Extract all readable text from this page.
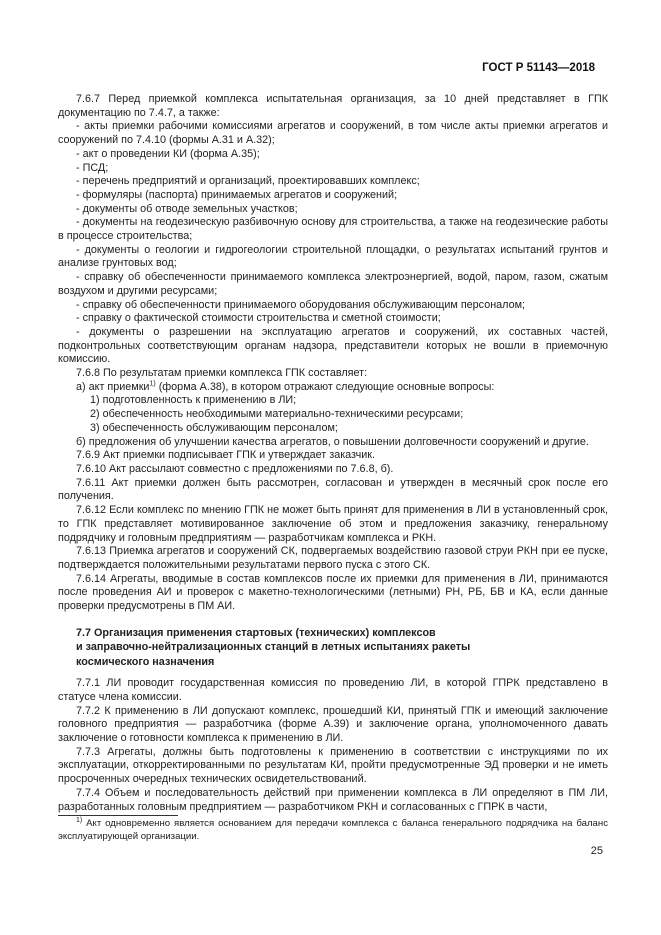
ГОСТ Р 51143—2018

7.6.7 Перед приемкой комплекса испытательная организация, за 10 дней представляет в ГПК документацию по 7.4.7, а также:

- акты приемки рабочими комиссиями агрегатов и сооружений, в том числе акты приемки агрегатов и сооружений по 7.4.10 (формы А.31 и А.32);

- акт о проведении КИ (форма А.35);

- ПСД;

- перечень предприятий и организаций, проектировавших комплекс;

- формуляры (паспорта) принимаемых агрегатов и сооружений;

- документы об отводе земельных участков;

- документы на геодезическую разбивочную основу для строительства, а также на геодезические работы в процессе строительства;

- документы о геологии и гидрогеологии строительной площадки, о результатах испытаний грунтов и анализе грунтовых вод;

- справку об обеспеченности принимаемого комплекса электроэнергией, водой, паром, газом, сжатым воздухом и другими ресурсами;

- справку об обеспеченности принимаемого оборудования обслуживающим персоналом;

- справку о фактической стоимости строительства и сметной стоимости;

- документы о разрешении на эксплуатацию агрегатов и сооружений, их составных частей, подконтрольных соответствующим органам надзора, представители которых не вошли в приемочную комиссию.

7.6.8 По результатам приемки комплекса ГПК составляет:

а) акт приемки$^{1)}$ (форма А.38), в котором отражают следующие основные вопросы:

1) подготовленность к применению в ЛИ;

2) обеспеченность необходимыми материально-техническими ресурсами;

3) обеспеченность обслуживающим персоналом;

б) предложения об улучшении качества агрегатов, о повышении долговечности сооружений и другие.

7.6.9 Акт приемки подписывает ГПК и утверждает заказчик.

7.6.10 Акт рассылают совместно с предложениями по 7.6.8, б).

7.6.11 Акт приемки должен быть рассмотрен, согласован и утвержден в месячный срок после его получения.

7.6.12 Если комплекс по мнению ГПК не может быть принят для применения в ЛИ в установленный срок, то ГПК представляет мотивированное заключение об этом и предложения заказчику, генеральному подрядчику и головным предприятиям — разработчикам комплекса и РКН.

7.6.13 Приемка агрегатов и сооружений СК, подвергаемых воздействию газовой струи РКН при ее пуске, подтверждается положительными результатами первого пуска с этого СК.

7.6.14 Агрегаты, вводимые в состав комплексов после их приемки для применения в ЛИ, принимаются после проведения АИ и проверок с макетно-технологическими (летными) РН, РБ, БВ и КА, если данные проверки предусмотрены в ПМ АИ.

7.7 Организация применения стартовых (технических) комплексов
и заправочно-нейтрализационных станций в летных испытаниях ракеты
космического назначения

7.7.1 ЛИ проводит государственная комиссия по проведению ЛИ, в которой ГПРК представлено в статусе члена комиссии.

7.7.2 К применению в ЛИ допускают комплекс, прошедший КИ, принятый ГПК и имеющий заключение головного предприятия — разработчика (форме А.39) и заключение органа, уполномоченного давать заключение о готовности комплекса к применению в ЛИ.

7.7.3 Агрегаты, должны быть подготовлены к применению в соответствии с инструкциями по их эксплуатации, откорректированными по результатам КИ, пройти предусмотренные ЭД проверки и не иметь просроченных очередных технических освидетельствований.

7.7.4 Объем и последовательность действий при применении комплекса в ЛИ определяют в ПМ ЛИ, разработанных головным предприятием — разработчиком РКН и согласованных с ГПРК в части,

$^{1)}$ Акт одновременно является основанием для передачи комплекса с баланса генерального подрядчика на баланс эксплуатирующей организации.

25
